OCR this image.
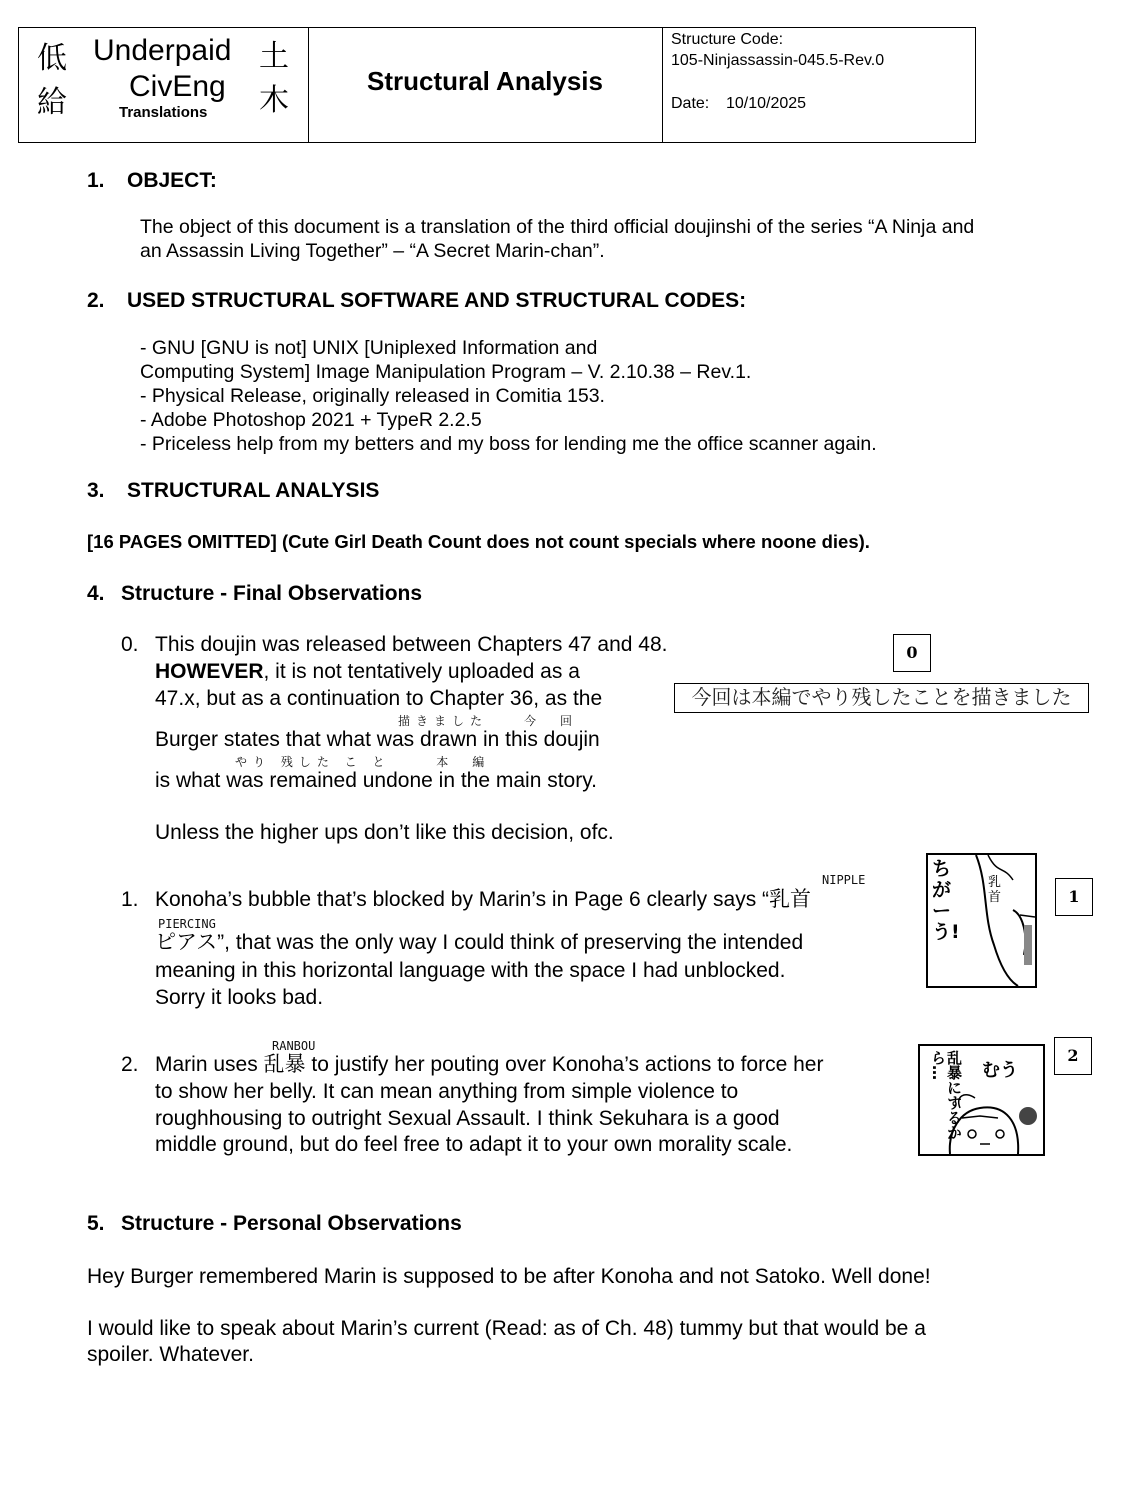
低
給
土
木
Underpaid
CivEng
Translations
Structural Analysis
Structure Code:
105-Ninjassassin-045.5-Rev.0
Date: 10/10/2025
1. OBJECT:
The object of this document is a translation of the third official doujinshi of the series “A Ninja and
an Assassin Living Together” – “A Secret Marin-chan”.
2. USED STRUCTURAL SOFTWARE AND STRUCTURAL CODES:
- GNU [GNU is not] UNIX [Uniplexed Information and
Computing System] Image Manipulation Program – V. 2.10.38 – Rev.1.
- Physical Release, originally released in Comitia 153.
- Adobe Photoshop 2021 + TypeR 2.2.5
- Priceless help from my betters and my boss for lending me the office scanner again.
3. STRUCTURAL ANALYSIS
[16 PAGES OMITTED] (Cute Girl Death Count does not count specials where noone dies).
4. Structure - Final Observations
0. This doujin was released between Chapters 47 and 48.
HOWEVER, it is not tentatively uploaded as a
47.x, but as a continuation to Chapter 36, as the
描きました　　今　回
Burger states that what was drawn in this doujin
やり 残した こ と 　　本　編
is what was remained undone in the main story.
Unless the higher ups don’t like this decision, ofc.
0
今回は本編でやり残したことを描きました
NIPPLE
1. Konoha’s bubble that’s blocked by Marin’s in Page 6 clearly says “乳首
PIERCING
ピアス”, that was the only way I could think of preserving the intended
meaning in this horizontal language with the space I had unblocked.
Sorry it looks bad.
ちがーう!
乳首	1
RANBOU
2. Marin uses 乱暴 to justify her pouting over Konoha’s actions to force her
to show her belly. It can mean anything from simple violence to
roughhousing to outright Sexual Assault. I think Sekuhara is a good
middle ground, but do feel free to adapt it to your own morality scale.
乱暴にするから…	むう
2
5. Structure - Personal Observations
Hey Burger remembered Marin is supposed to be after Konoha and not Satoko. Well done!
I would like to speak about Marin’s current (Read: as of Ch. 48) tummy but that would be a
spoiler. Whatever.
